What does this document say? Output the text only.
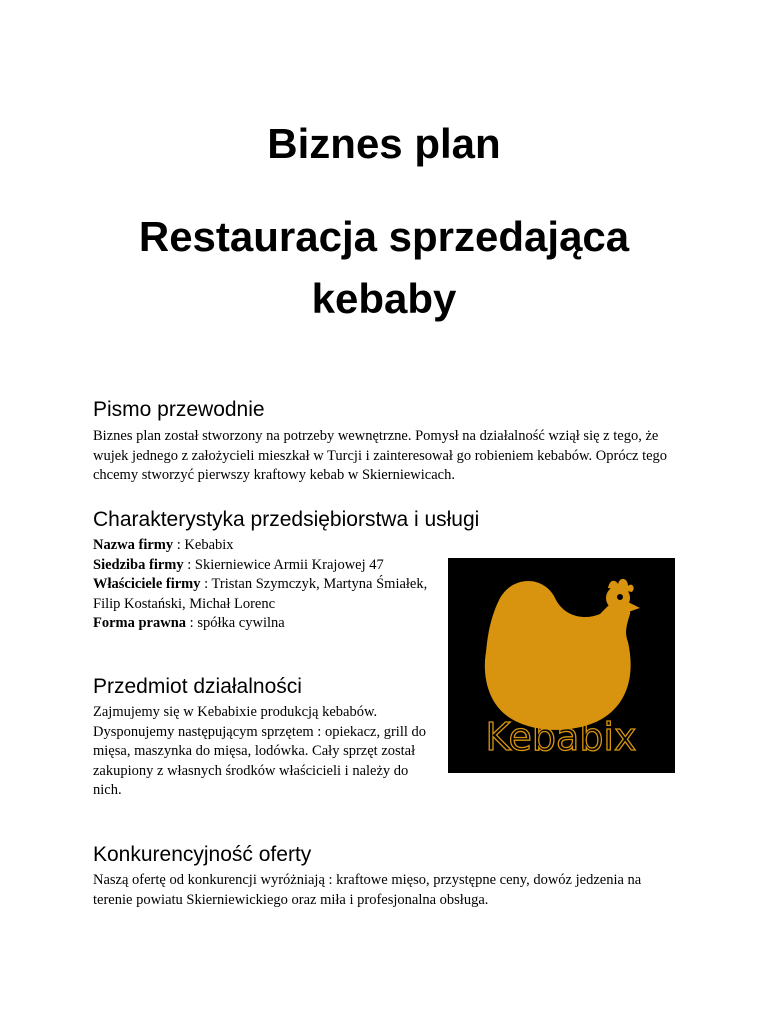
Biznes plan
Restauracja sprzedająca kebaby
Pismo przewodnie

Biznes plan został stworzony na potrzeby wewnętrzne. Pomysł na działalność wziął się z tego, że wujek jednego z założycieli mieszkał w Turcji i zainteresował go robieniem kebabów. Oprócz tego chcemy stworzyć pierwszy kraftowy kebab w Skierniewicach.

Charakterystyka przedsiębiorstwa i usługi
Nazwa firmy : Kebabix
Siedziba firmy : Skierniewice Armii Krajowej 47
Właściciele firmy : Tristan Szymczyk, Martyna Śmiałek, Filip Kostański, Michał Lorenc
Forma prawna : spółka cywilna
Kebabix
Przedmiot działalności

Zajmujemy się w Kebabixie produkcją kebabów. Dysponujemy następującym sprzętem : opiekacz, grill do mięsa, maszynka do mięsa, lodówka. Cały sprzęt został zakupiony z własnych środków właścicieli i należy do nich.

Konkurencyjność oferty

Naszą ofertę od konkurencji wyróżniają : kraftowe mięso, przystępne ceny, dowóz jedzenia na terenie powiatu Skierniewickiego oraz miła i profesjonalna obsługa.
